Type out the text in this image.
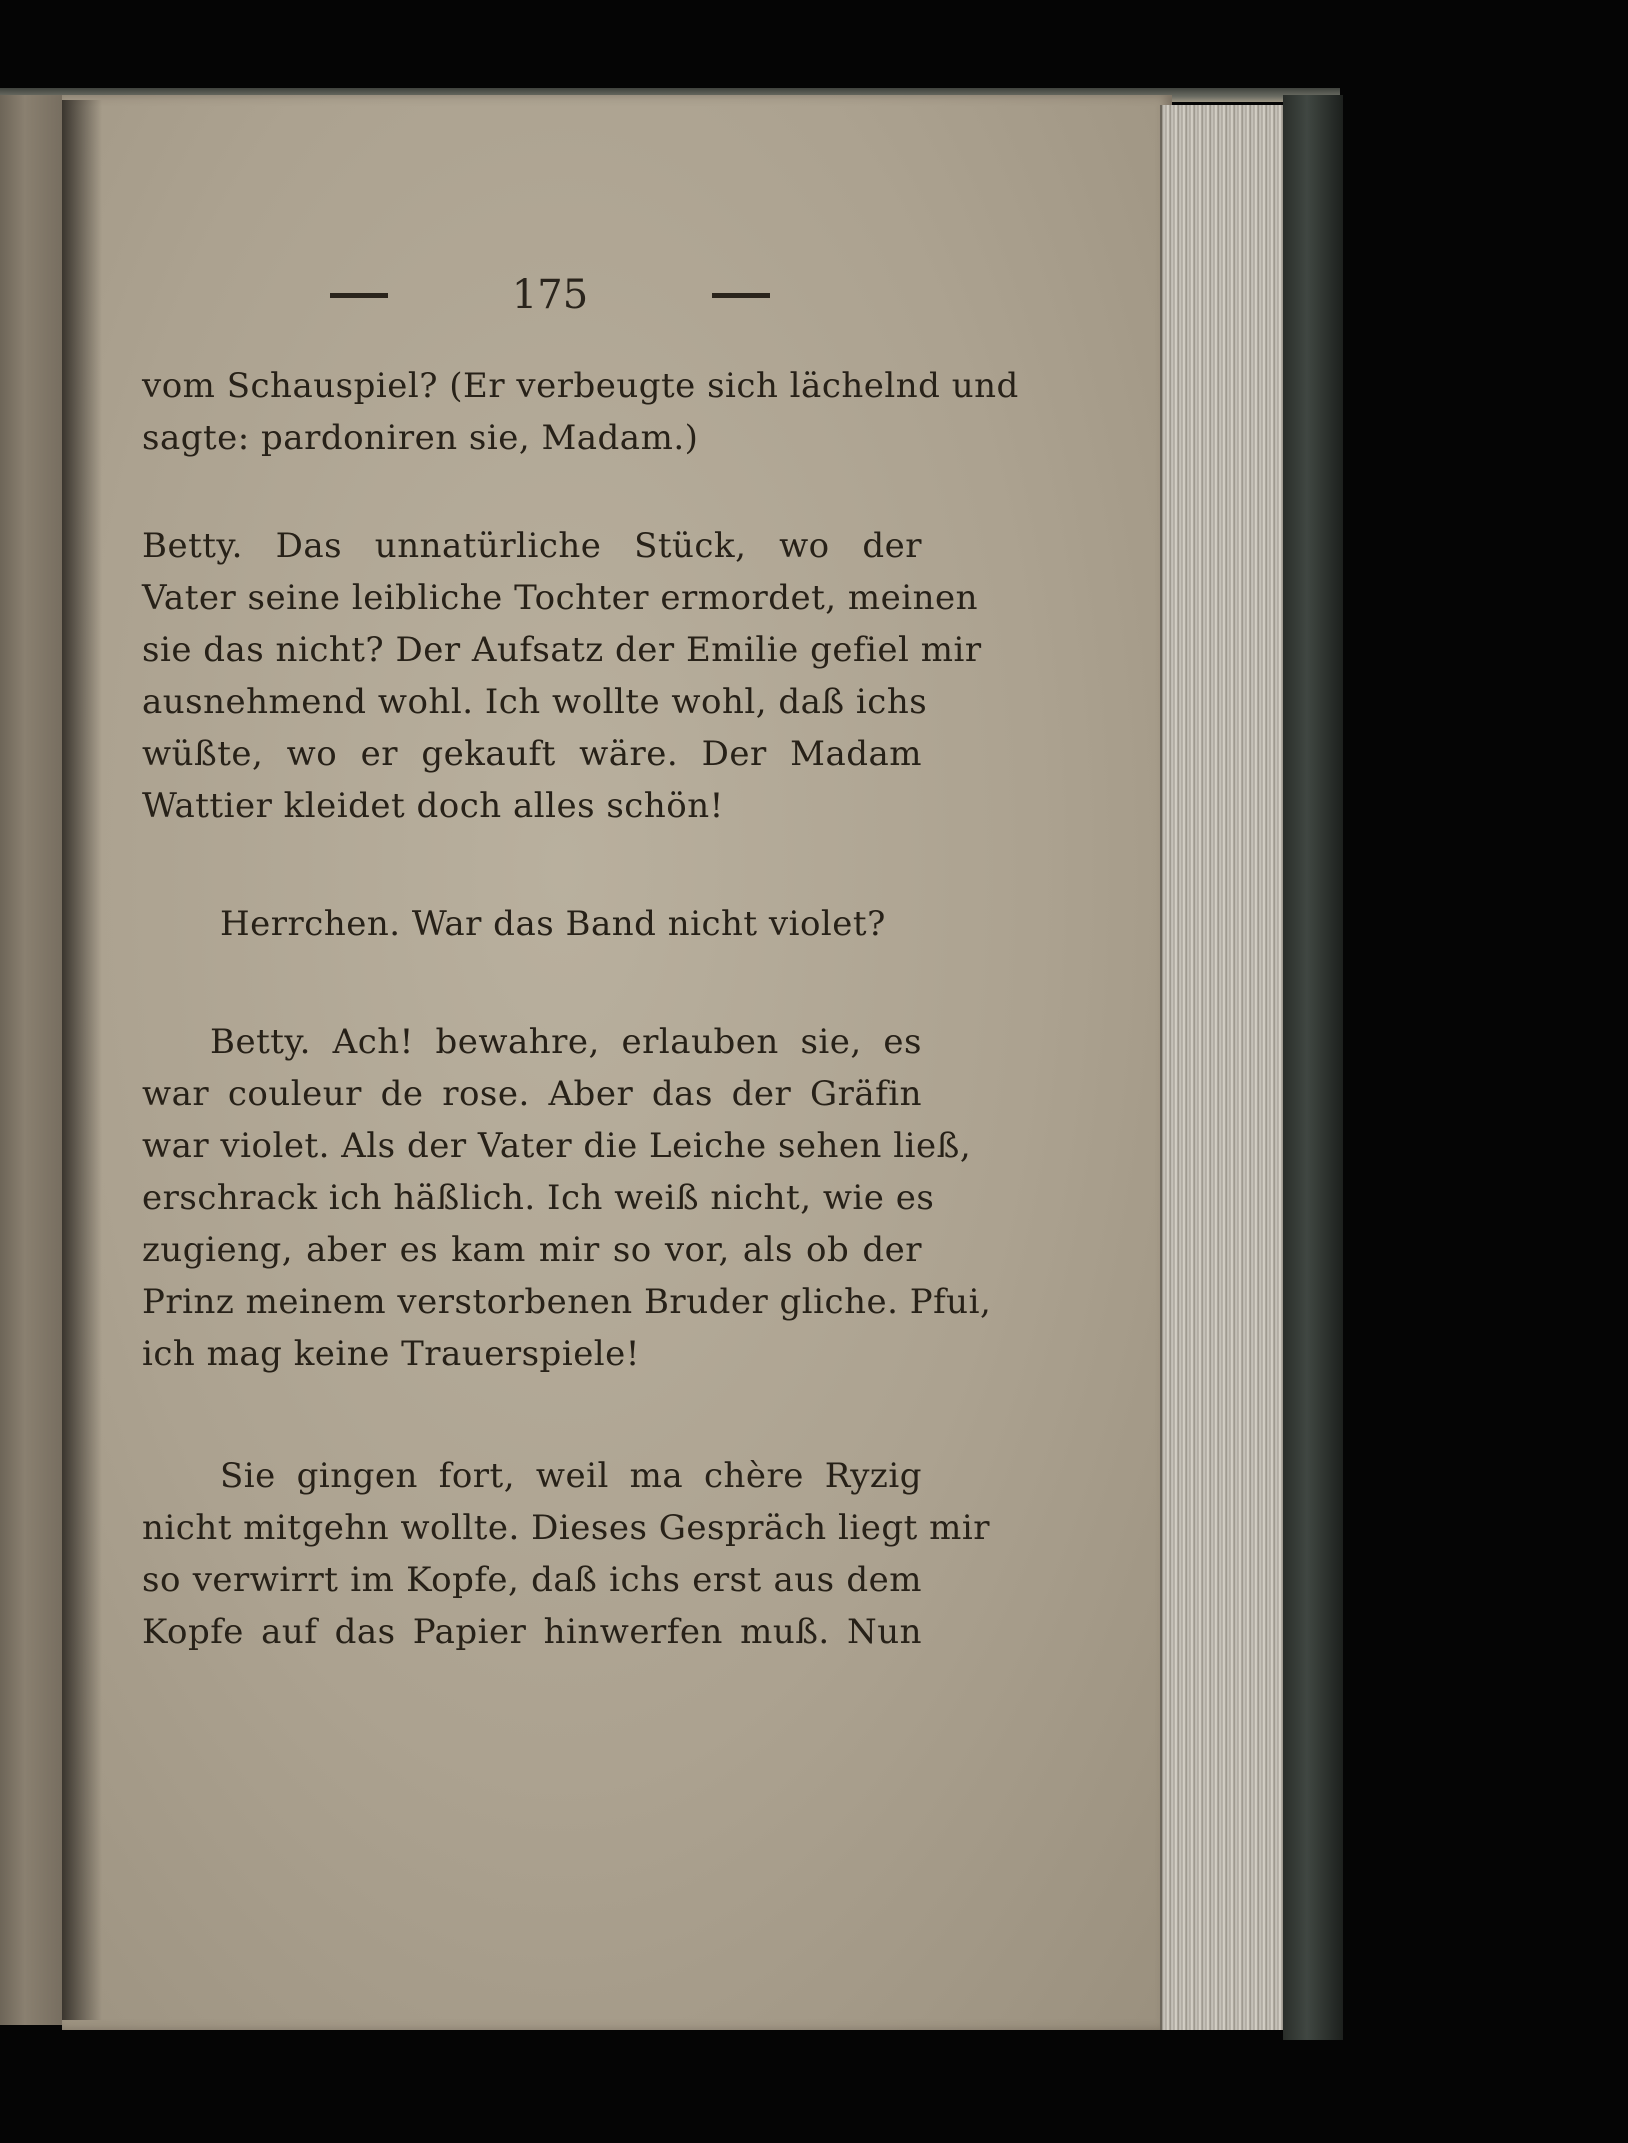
175
vom Schauspiel? (Er verbeugte sich lächelnd und
sagte: pardoniren sie, Madam.)
Betty. Das unnatürliche Stück, wo der
Vater seine leibliche Tochter ermordet, meinen
sie das nicht? Der Aufsatz der Emilie gefiel mir
ausnehmend wohl. Ich wollte wohl, daß ichs
wüßte, wo er gekauft wäre. Der Madam
Wattier kleidet doch alles schön!
Herrchen. War das Band nicht violet?
Betty. Ach! bewahre, erlauben sie, es
war couleur de rose. Aber das der Gräfin
war violet. Als der Vater die Leiche sehen ließ,
erschrack ich häßlich. Ich weiß nicht, wie es
zugieng, aber es kam mir so vor, als ob der
Prinz meinem verstorbenen Bruder gliche. Pfui,
ich mag keine Trauerspiele!
Sie gingen fort, weil ma chère Ryzig
nicht mitgehn wollte. Dieses Gespräch liegt mir
so verwirrt im Kopfe, daß ichs erst aus dem
Kopfe auf das Papier hinwerfen muß. Nun
